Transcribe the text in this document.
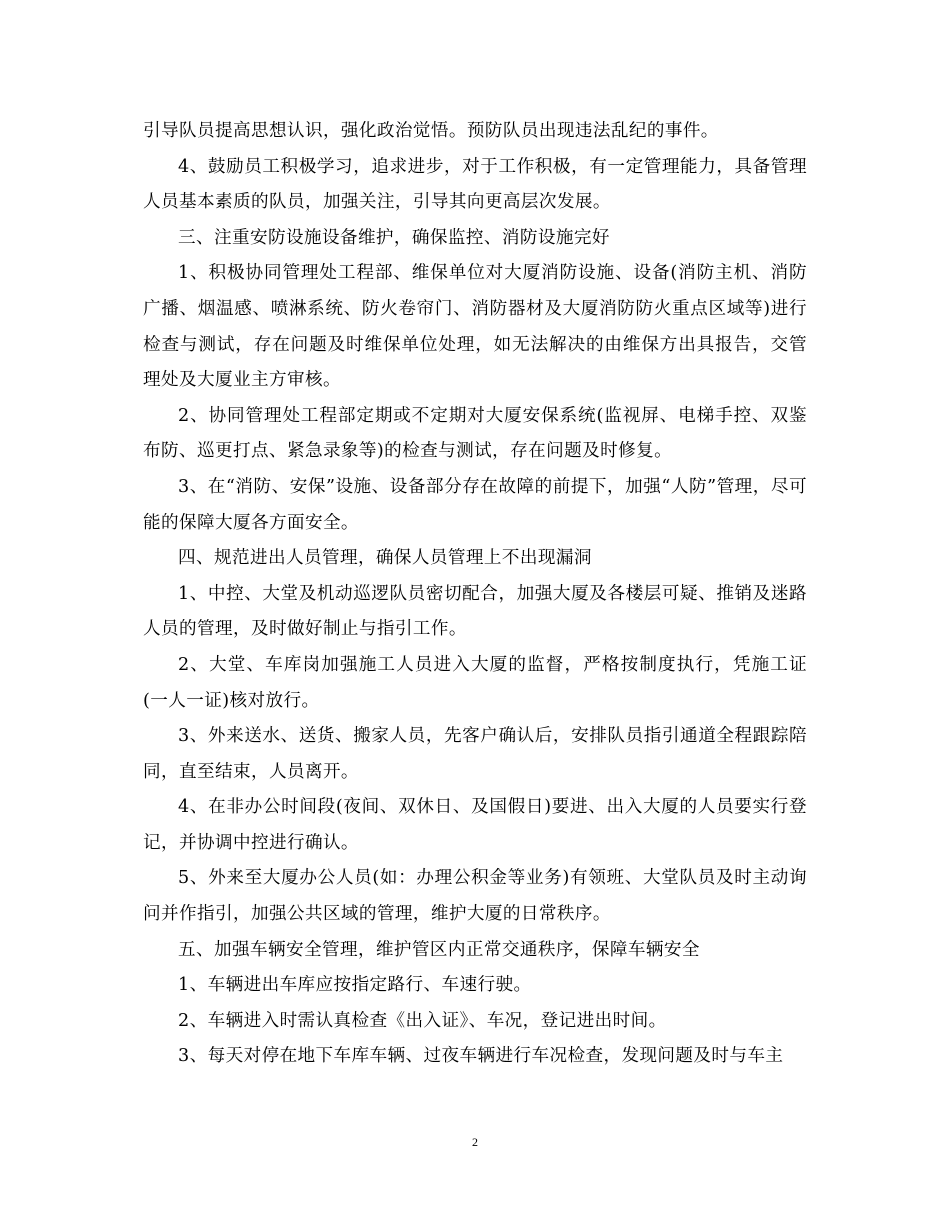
引导队员提高思想认识，强化政治觉悟。预防队员出现违法乱纪的事件。

4、鼓励员工积极学习，追求进步，对于工作积极，有一定管理能力，具备管理人员基本素质的队员，加强关注，引导其向更高层次发展。

三、注重安防设施设备维护，确保监控、消防设施完好

1、积极协同管理处工程部、维保单位对大厦消防设施、设备(消防主机、消防广播、烟温感、喷淋系统、防火卷帘门、消防器材及大厦消防防火重点区域等)进行检查与测试，存在问题及时维保单位处理，如无法解决的由维保方出具报告，交管理处及大厦业主方审核。

2、协同管理处工程部定期或不定期对大厦安保系统(监视屏、电梯手控、双鉴布防、巡更打点、紧急录象等)的检查与测试，存在问题及时修复。

3、在“消防、安保”设施、设备部分存在故障的前提下，加强“人防”管理，尽可能的保障大厦各方面安全。

四、规范进出人员管理，确保人员管理上不出现漏洞

1、中控、大堂及机动巡逻队员密切配合，加强大厦及各楼层可疑、推销及迷路人员的管理，及时做好制止与指引工作。

2、大堂、车库岗加强施工人员进入大厦的监督，严格按制度执行，凭施工证(一人一证)核对放行。

3、外来送水、送货、搬家人员，先客户确认后，安排队员指引通道全程跟踪陪同，直至结束，人员离开。

4、在非办公时间段(夜间、双休日、及国假日)要进、出入大厦的人员要实行登记，并协调中控进行确认。

5、外来至大厦办公人员(如：办理公积金等业务)有领班、大堂队员及时主动询问并作指引，加强公共区域的管理，维护大厦的日常秩序。

五、加强车辆安全管理，维护管区内正常交通秩序，保障车辆安全

1、车辆进出车库应按指定路行、车速行驶。

2、车辆进入时需认真检查《出入证》、车况，登记进出时间。

3、每天对停在地下车库车辆、过夜车辆进行车况检查，发现问题及时与车主

2
